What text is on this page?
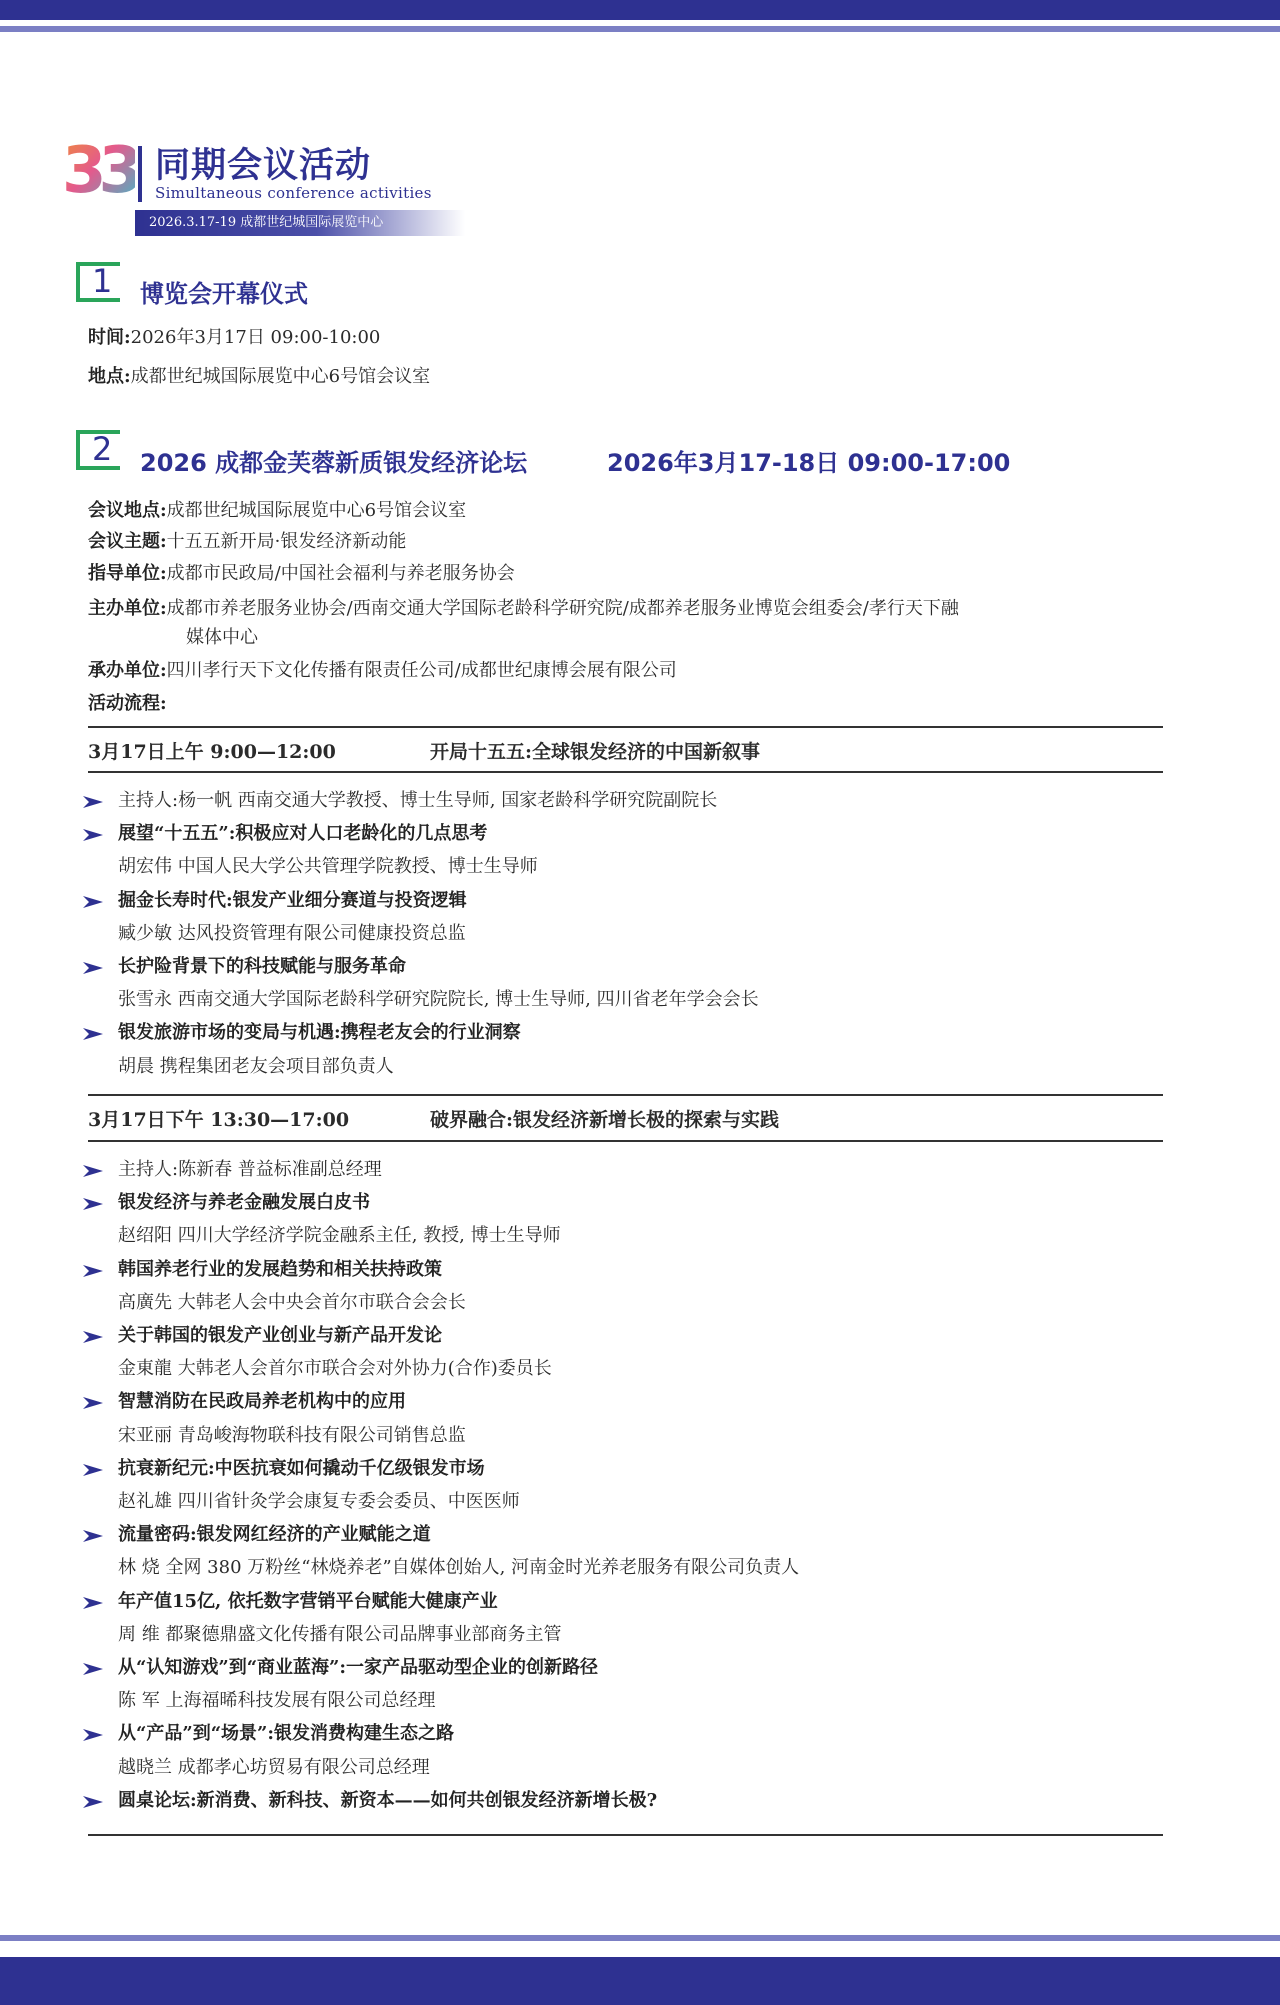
33 同期会议活动
Simultaneous conference activities
2026.3.17-19 成都世纪城国际展览中心
1 博览会开幕仪式
时间:2026年3月17日 09:00-10:00
地点:成都世纪城国际展览中心6号馆会议室
2 2026 成都金芙蓉新质银发经济论坛	2026年3月17-18日 09:00-17:00
会议地点:成都世纪城国际展览中心6号馆会议室
会议主题:十五五新开局·银发经济新动能
指导单位:成都市民政局/中国社会福利与养老服务协会
主办单位:成都市养老服务业协会/西南交通大学国际老龄科学研究院/成都养老服务业博览会组委会/孝行天下融
媒体中心
承办单位:四川孝行天下文化传播有限责任公司/成都世纪康博会展有限公司
活动流程:
3月17日上午 9:00—12:00	开局十五五:全球银发经济的中国新叙事
主持人:杨一帆 西南交通大学教授、博士生导师, 国家老龄科学研究院副院长
展望“十五五”:积极应对人口老龄化的几点思考
胡宏伟 中国人民大学公共管理学院教授、博士生导师
掘金长寿时代:银发产业细分赛道与投资逻辑
臧少敏 达风投资管理有限公司健康投资总监
长护险背景下的科技赋能与服务革命
张雪永 西南交通大学国际老龄科学研究院院长, 博士生导师, 四川省老年学会会长
银发旅游市场的变局与机遇:携程老友会的行业洞察
胡晨 携程集团老友会项目部负责人
3月17日下午 13:30—17:00	破界融合:银发经济新增长极的探索与实践
主持人:陈新春 普益标准副总经理
银发经济与养老金融发展白皮书
赵绍阳 四川大学经济学院金融系主任, 教授, 博士生导师
韩国养老行业的发展趋势和相关扶持政策
高廣先 大韩老人会中央会首尔市联合会会长
关于韩国的银发产业创业与新产品开发论
金東龍 大韩老人会首尔市联合会对外协力(合作)委员长
智慧消防在民政局养老机构中的应用
宋亚丽 青岛峻海物联科技有限公司销售总监
抗衰新纪元:中医抗衰如何撬动千亿级银发市场
赵礼雄 四川省针灸学会康复专委会委员、中医医师
流量密码:银发网红经济的产业赋能之道
林 烧 全网 380 万粉丝“林烧养老”自媒体创始人, 河南金时光养老服务有限公司负责人
年产值15亿, 依托数字营销平台赋能大健康产业
周 维 都聚德鼎盛文化传播有限公司品牌事业部商务主管
从“认知游戏”到“商业蓝海”:一家产品驱动型企业的创新路径
陈 军 上海福晞科技发展有限公司总经理
从“产品”到“场景”:银发消费构建生态之路
越晓兰 成都孝心坊贸易有限公司总经理
圆桌论坛:新消费、新科技、新资本——如何共创银发经济新增长极?
